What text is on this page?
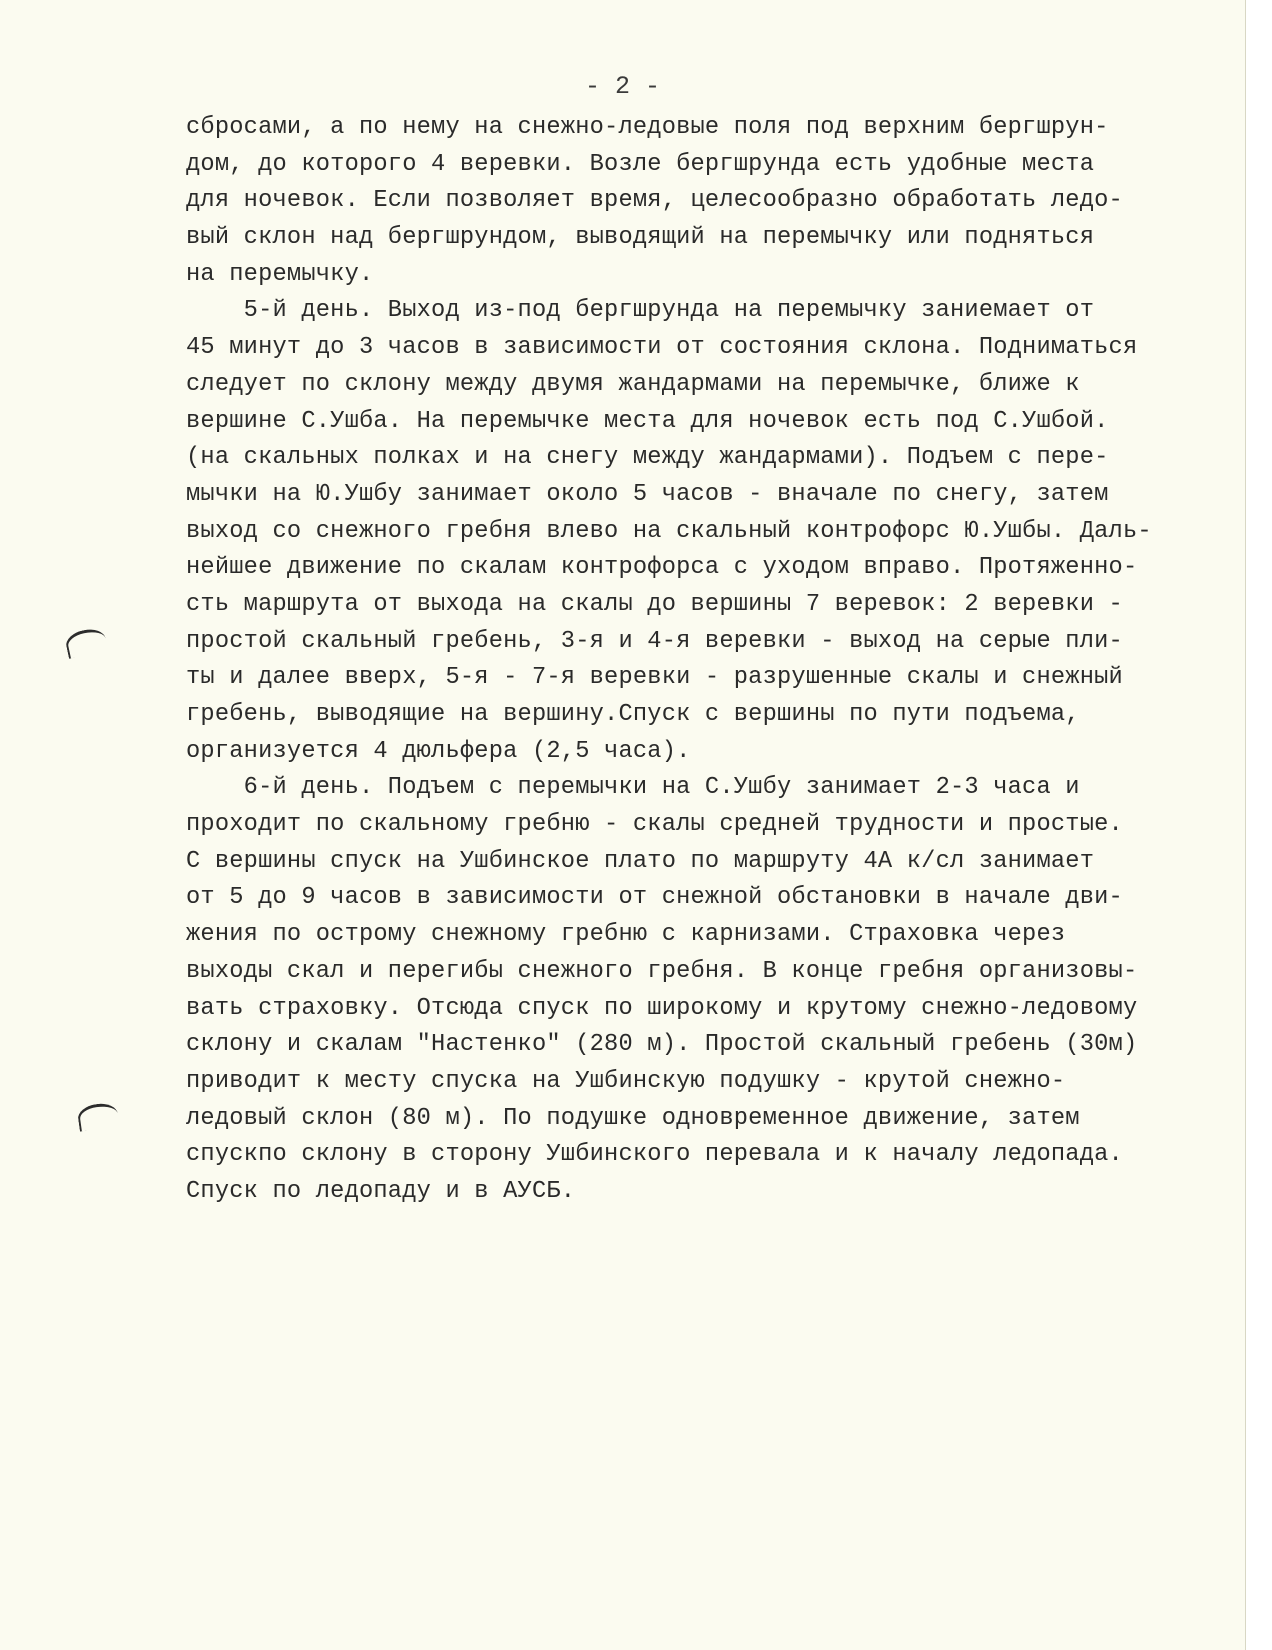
- 2 -
сбросами, а по нему на снежно-ледовые поля под верхним бергшрун-
дом, до которого 4 веревки. Возле бергшрунда есть удобные места
для ночевок. Если позволяет время, целесообразно обработать ледо-
вый склон над бергшрундом, выводящий на перемычку или подняться
на перемычку.
5-й день. Выход из-под бергшрунда на перемычку заниемает от
45 минут до 3 часов в зависимости от состояния склона. Подниматься
следует по склону между двумя жандармами на перемычке, ближе к
вершине С.Ушба. На перемычке места для ночевок есть под С.Ушбой.
(на скальных полках и на снегу между жандармами). Подъем с пере-
мычки на Ю.Ушбу занимает около 5 часов - вначале по снегу, затем
выход со снежного гребня влево на скальный контрофорс Ю.Ушбы. Даль-
нейшее движение по скалам контрофорса с уходом вправо. Протяженно-
сть маршрута от выхода на скалы до вершины 7 веревок: 2 веревки -
простой скальный гребень, 3-я и 4-я веревки - выход на серые пли-
ты и далее вверх, 5-я - 7-я веревки - разрушенные скалы и снежный
гребень, выводящие на вершину.Спуск с вершины по пути подъема,
организуется 4 дюльфера (2,5 часа).
6-й день. Подъем с перемычки на С.Ушбу занимает 2-3 часа и
проходит по скальному гребню - скалы средней трудности и простые.
С вершины спуск на Ушбинское плато по маршруту 4А к/сл занимает
от 5 до 9 часов в зависимости от снежной обстановки в начале дви-
жения по острому снежному гребню с карнизами. Страховка через
выходы скал и перегибы снежного гребня. В конце гребня организовы-
вать страховку. Отсюда спуск по широкому и крутому снежно-ледовому
склону и скалам "Настенко" (280 м). Простой скальный гребень (30м)
приводит к месту спуска на Ушбинскую подушку - крутой снежно-
ледовый склон (80 м). По подушке одновременное движение, затем
спускпо склону в сторону Ушбинского перевала и к началу ледопада.
Спуск по ледопаду и в АУСБ.
